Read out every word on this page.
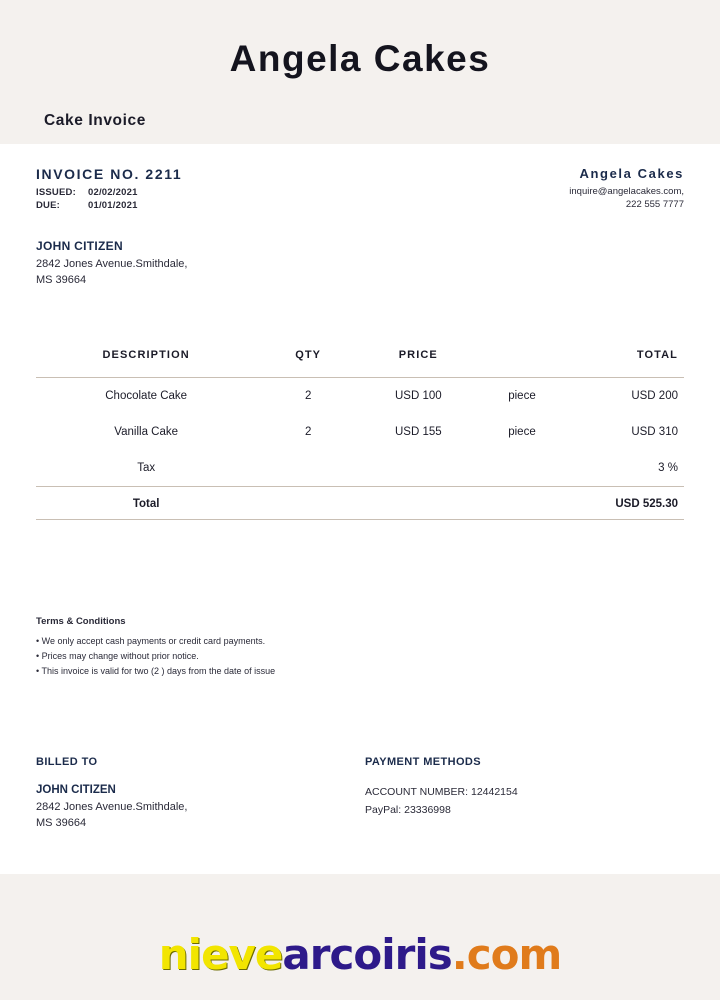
Angela Cakes
Cake Invoice
INVOICE NO. 2211
ISSUED: 02/02/2021
DUE:	01/01/2021
Angela Cakes
inquire@angelacakes.com,
222 555 7777
JOHN CITIZEN
2842 Jones Avenue.Smithdale,
MS 39664
DESCRIPTION	QTY	PRICE		TOTAL
Chocolate Cake	2	USD 100	piece	USD 200
Vanilla Cake	2	USD 155	piece	USD 310
Tax				3 %
Total				USD 525.30
Terms & Conditions
• We only accept cash payments or credit card payments.
• Prices may change without prior notice.
• This invoice is valid for two (2 ) days from the date of issue
BILLED TO
JOHN CITIZEN
2842 Jones Avenue.Smithdale,
MS 39664
PAYMENT METHODS
ACCOUNT NUMBER: 12442154
PayPal: 23336998
nievearcoiris.com
